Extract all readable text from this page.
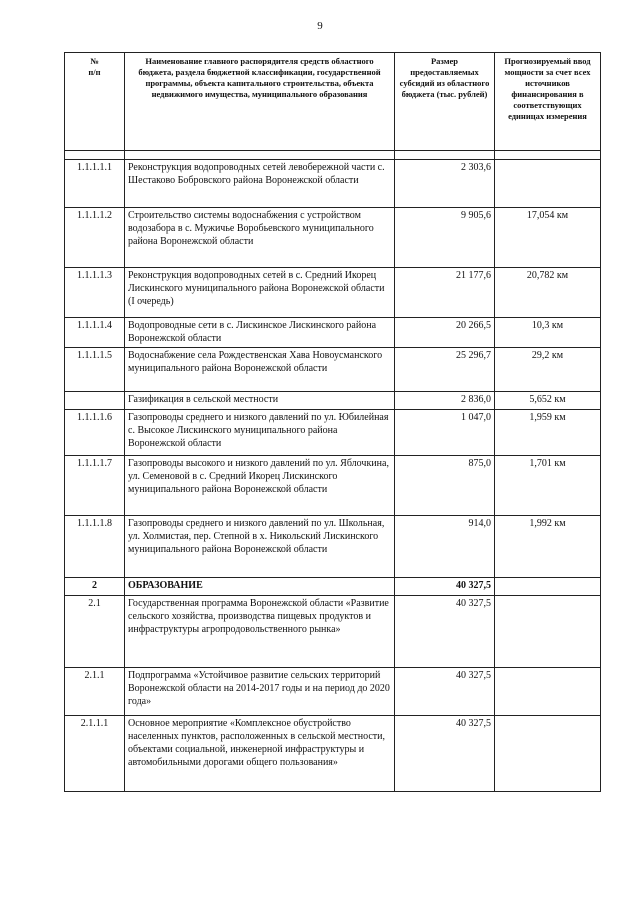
9
№
п/п	Наименование главного распорядителя средств областного бюджета, раздела бюджетной классификации, государственной программы, объекта капитального строительства, объекта недвижимого имущества, муниципального образования	Размер предоставляемых субсидий из областного бюджета (тыс. рублей)	Прогнозируемый ввод мощности за счет всех источников финансирования в соответствующих единицах измерения

1.1.1.1.1	Реконструкция водопроводных сетей левобережной части с. Шестаково Бобровского района Воронежской области	2 303,6	
1.1.1.1.2	Строительство системы водоснабжения с устройством водозабора в с. Мужичье Воробьевского муниципального района Воронежской области	9 905,6	17,054 км
1.1.1.1.3	Реконструкция водопроводных сетей в с. Средний Икорец Лискинского муниципального района Воронежской области (I очередь)	21 177,6	20,782 км
1.1.1.1.4	Водопроводные сети в с. Лискинское Лискинского района Воронежской области	20 266,5	10,3 км
1.1.1.1.5	Водоснабжение села Рождественская Хава Новоусманского муниципального района Воронежской области	25 296,7	29,2 км
	Газификация в сельской местности	2 836,0	5,652 км
1.1.1.1.6	Газопроводы среднего и низкого давлений по ул. Юбилейная с. Высокое Лискинского муниципального района Воронежской области	1 047,0	1,959 км
1.1.1.1.7	Газопроводы высокого и низкого давлений по ул. Яблочкина, ул. Семеновой в с. Средний Икорец Лискинского муниципального района Воронежской области	875,0	1,701 км
1.1.1.1.8	Газопроводы среднего и низкого давлений по ул. Школьная, ул. Холмистая, пер. Степной в х. Никольский Лискинского муниципального района Воронежской области	914,0	1,992 км
2	ОБРАЗОВАНИЕ	40 327,5	
2.1	Государственная программа Воронежской области «Развитие сельского хозяйства, производства пищевых продуктов и инфраструктуры агропродовольственного рынка»	40 327,5	
2.1.1	Подпрограмма «Устойчивое развитие сельских территорий Воронежской области на 2014-2017 годы и на период до 2020 года»	40 327,5	
2.1.1.1	Основное мероприятие «Комплексное обустройство населенных пунктов, расположенных в сельской местности, объектами социальной, инженерной инфраструктуры и автомобильными дорогами общего пользования»	40 327,5	
